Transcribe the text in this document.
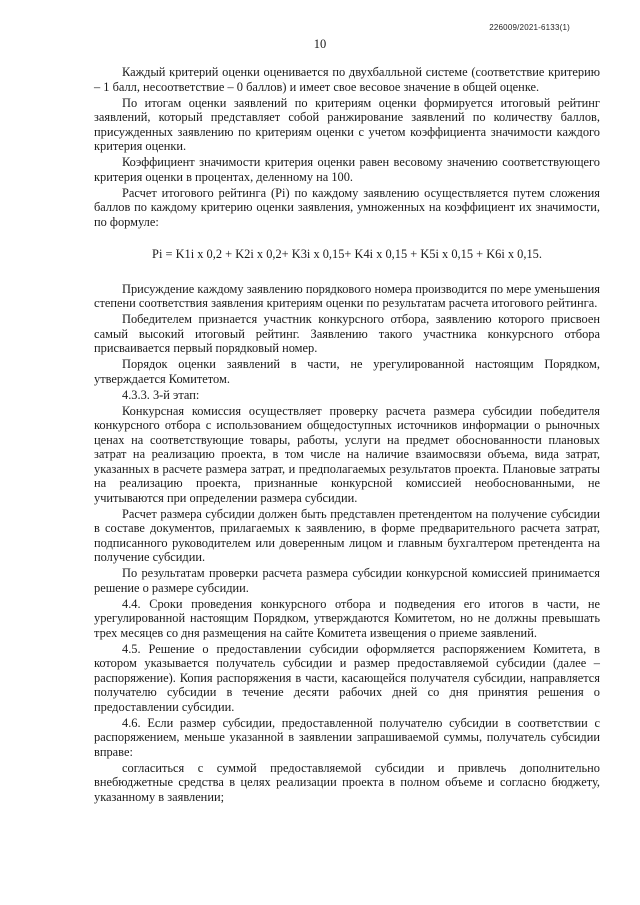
226009/2021-6133(1)
10

Каждый критерий оценки оценивается по двухбалльной системе (соответствие критерию – 1 балл, несоответствие – 0 баллов) и имеет свое весовое значение в общей оценке.

По итогам оценки заявлений по критериям оценки формируется итоговый рейтинг заявлений, который представляет собой ранжирование заявлений по количеству баллов, присужденных заявлению по критериям оценки с учетом коэффициента значимости каждого критерия оценки.

Коэффициент значимости критерия оценки равен весовому значению соответствующего критерия оценки в процентах, деленному на 100.

Расчет итогового рейтинга (Pi) по каждому заявлению осуществляется путем сложения баллов по каждому критерию оценки заявления, умноженных на коэффициент их значимости, по формуле:

Pi = K1i x 0,2 + K2i x 0,2+ K3i x 0,15+ K4i x 0,15 + K5i x 0,15 + K6i x 0,15.

Присуждение каждому заявлению порядкового номера производится по мере уменьшения степени соответствия заявления критериям оценки по результатам расчета итогового рейтинга.

Победителем признается участник конкурсного отбора, заявлению которого присвоен самый высокий итоговый рейтинг. Заявлению такого участника конкурсного отбора присваивается первый порядковый номер.

Порядок оценки заявлений в части, не урегулированной настоящим Порядком, утверждается Комитетом.

4.3.3. 3-й этап:

Конкурсная комиссия осуществляет проверку расчета размера субсидии победителя конкурсного отбора с использованием общедоступных источников информации о рыночных ценах на соответствующие товары, работы, услуги на предмет обоснованности плановых затрат на реализацию проекта, в том числе на наличие взаимосвязи объема, вида затрат, указанных в расчете размера затрат, и предполагаемых результатов проекта. Плановые затраты на реализацию проекта, признанные конкурсной комиссией необоснованными, не учитываются при определении размера субсидии.

Расчет размера субсидии должен быть представлен претендентом на получение субсидии в составе документов, прилагаемых к заявлению, в форме предварительного расчета затрат, подписанного руководителем или доверенным лицом и главным бухгалтером претендента на получение субсидии.

По результатам проверки расчета размера субсидии конкурсной комиссией принимается решение о размере субсидии.

4.4. Сроки проведения конкурсного отбора и подведения его итогов в части, не урегулированной настоящим Порядком, утверждаются Комитетом, но не должны превышать трех месяцев со дня размещения на сайте Комитета извещения о приеме заявлений.

4.5. Решение о предоставлении субсидии оформляется распоряжением Комитета, в котором указывается получатель субсидии и размер предоставляемой субсидии (далее – распоряжение). Копия распоряжения в части, касающейся получателя субсидии, направляется получателю субсидии в течение десяти рабочих дней со дня принятия решения о предоставлении субсидии.

4.6. Если размер субсидии, предоставленной получателю субсидии в соответствии с распоряжением, меньше указанной в заявлении запрашиваемой суммы, получатель субсидии вправе:

согласиться с суммой предоставляемой субсидии и привлечь дополнительно внебюджетные средства в целях реализации проекта в полном объеме и согласно бюджету, указанному в заявлении;
